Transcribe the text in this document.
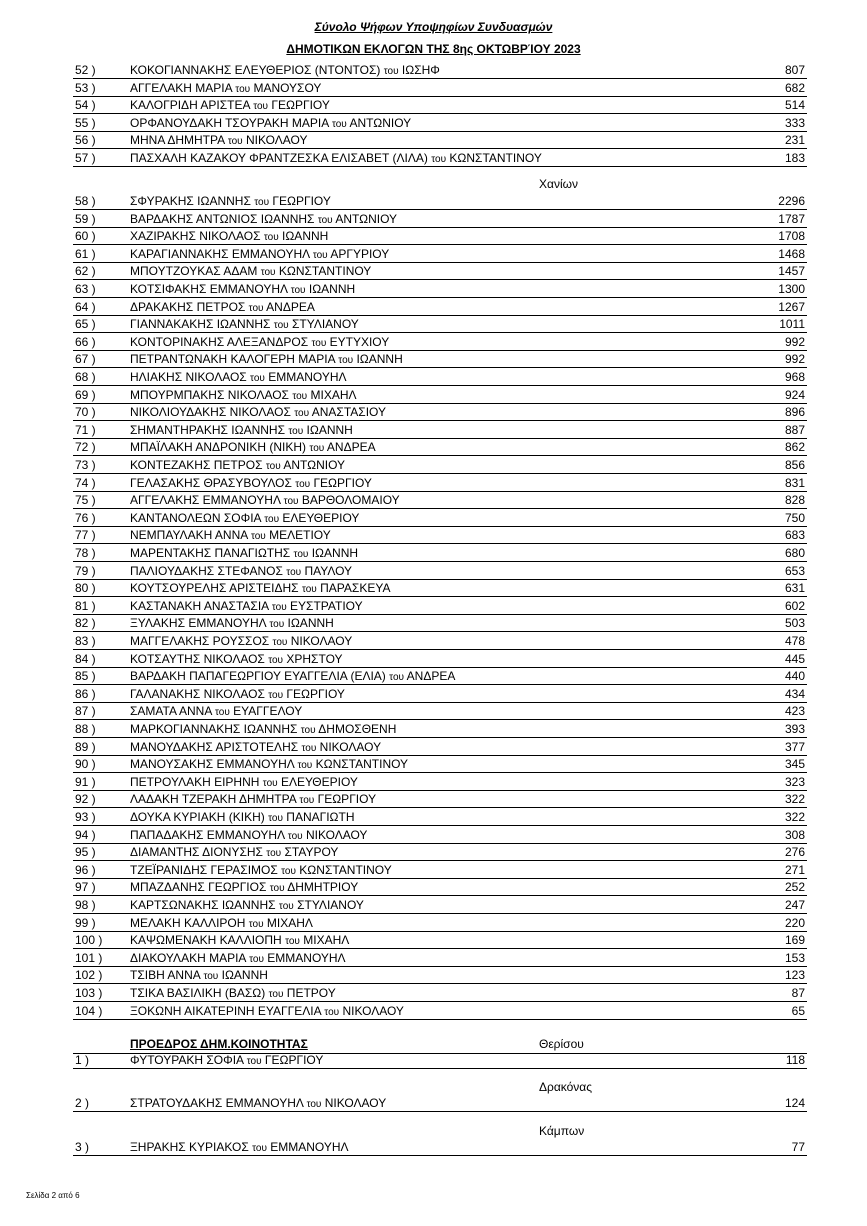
Σύνολο Ψήφων Υποψηφίων Συνδυασμών
ΔΗΜΟΤΙΚΩΝ ΕΚΛΟΓΩΝ ΤΗΣ 8ης ΟΚΤΩΒΡΊΟΥ 2023
52 )	ΚΟΚΟΓΙΑΝΝΑΚΗΣ ΕΛΕΥΘΕΡΙΟΣ (ΝΤΟΝΤΟΣ) του ΙΩΣΗΦ	807
53 )	ΑΓΓΕΛΑΚΗ ΜΑΡΙΑ του ΜΑΝΟΥΣΟΥ	682
54 )	ΚΑΛΟΓΡΙΔΗ ΑΡΙΣΤΕΑ του ΓΕΩΡΓΙΟΥ	514
55 )	ΟΡΦΑΝΟΥΔΑΚΗ ΤΣΟΥΡΑΚΗ ΜΑΡΙΑ του ΑΝΤΩΝΙΟΥ	333
56 )	ΜΗΝΑ ΔΗΜΗΤΡΑ του ΝΙΚΟΛΑΟΥ	231
57 )	ΠΑΣΧΑΛΗ ΚΑΖΑΚΟΥ ΦΡΑΝΤΖΕΣΚΑ ΕΛΙΣΑΒΕΤ (ΛΙΛΑ) του ΚΩΝΣΤΑΝΤΙΝΟΥ	183
Χανίων
58 )	ΣΦΥΡΑΚΗΣ ΙΩΑΝΝΗΣ του ΓΕΩΡΓΙΟΥ	2296
59 )	ΒΑΡΔΑΚΗΣ ΑΝΤΩΝΙΟΣ ΙΩΑΝΝΗΣ του ΑΝΤΩΝΙΟΥ	1787
60 )	ΧΑΖΙΡΑΚΗΣ ΝΙΚΟΛΑΟΣ του ΙΩΑΝΝΗ	1708
61 )	ΚΑΡΑΓΙΑΝΝΑΚΗΣ ΕΜΜΑΝΟΥΗΛ του ΑΡΓΥΡΙΟΥ	1468
62 )	ΜΠΟΥΤΖΟΥΚΑΣ ΑΔΑΜ του ΚΩΝΣΤΑΝΤΙΝΟΥ	1457
63 )	ΚΟΤΣΙΦΑΚΗΣ ΕΜΜΑΝΟΥΗΛ του ΙΩΑΝΝΗ	1300
64 )	ΔΡΑΚΑΚΗΣ ΠΕΤΡΟΣ του ΑΝΔΡΕΑ	1267
65 )	ΓΙΑΝΝΑΚΑΚΗΣ ΙΩΑΝΝΗΣ του ΣΤΥΛΙΑΝΟΥ	1011
66 )	ΚΟΝΤΟΡΙΝΑΚΗΣ ΑΛΕΞΑΝΔΡΟΣ του ΕΥΤΥΧΙΟΥ	992
67 )	ΠΕΤΡΑΝΤΩΝΑΚΗ ΚΑΛΟΓΕΡΗ ΜΑΡΙΑ του ΙΩΑΝΝΗ	992
68 )	ΗΛΙΑΚΗΣ ΝΙΚΟΛΑΟΣ του ΕΜΜΑΝΟΥΗΛ	968
69 )	ΜΠΟΥΡΜΠΑΚΗΣ ΝΙΚΟΛΑΟΣ του ΜΙΧΑΗΛ	924
70 )	ΝΙΚΟΛΙΟΥΔΑΚΗΣ ΝΙΚΟΛΑΟΣ του ΑΝΑΣΤΑΣΙΟΥ	896
71 )	ΣΗΜΑΝΤΗΡΑΚΗΣ ΙΩΑΝΝΗΣ του ΙΩΑΝΝΗ	887
72 )	ΜΠΑΪΛΑΚΗ ΑΝΔΡΟΝΙΚΗ (ΝΙΚΗ) του ΑΝΔΡΕΑ	862
73 )	ΚΟΝΤΕΖΑΚΗΣ ΠΕΤΡΟΣ του ΑΝΤΩΝΙΟΥ	856
74 )	ΓΕΛΑΣΑΚΗΣ ΘΡΑΣΥΒΟΥΛΟΣ του ΓΕΩΡΓΙΟΥ	831
75 )	ΑΓΓΕΛΑΚΗΣ ΕΜΜΑΝΟΥΗΛ του ΒΑΡΘΟΛΟΜΑΙΟΥ	828
76 )	ΚΑΝΤΑΝΟΛΕΩΝ ΣΟΦΙΑ του ΕΛΕΥΘΕΡΙΟΥ	750
77 )	ΝΕΜΠΑΥΛΑΚΗ ΑΝΝΑ του ΜΕΛΕΤΙΟΥ	683
78 )	ΜΑΡΕΝΤΑΚΗΣ ΠΑΝΑΓΙΩΤΗΣ του ΙΩΑΝΝΗ	680
79 )	ΠΑΛΙΟΥΔΑΚΗΣ ΣΤΕΦΑΝΟΣ του ΠΑΥΛΟΥ	653
80 )	ΚΟΥΤΣΟΥΡΕΛΗΣ ΑΡΙΣΤΕΙΔΗΣ του ΠΑΡΑΣΚΕΥΑ	631
81 )	ΚΑΣΤΑΝΑΚΗ ΑΝΑΣΤΑΣΙΑ του ΕΥΣΤΡΑΤΙΟΥ	602
82 )	ΞΥΛΑΚΗΣ ΕΜΜΑΝΟΥΗΛ του ΙΩΑΝΝΗ	503
83 )	ΜΑΓΓΕΛΑΚΗΣ ΡΟΥΣΣΟΣ του ΝΙΚΟΛΑΟΥ	478
84 )	ΚΟΤΣΑΥΤΗΣ ΝΙΚΟΛΑΟΣ του ΧΡΗΣΤΟΥ	445
85 )	ΒΑΡΔΑΚΗ ΠΑΠΑΓΕΩΡΓΙΟΥ ΕΥΑΓΓΕΛΙΑ (ΕΛΙΑ) του ΑΝΔΡΕΑ	440
86 )	ΓΑΛΑΝΑΚΗΣ ΝΙΚΟΛΑΟΣ του ΓΕΩΡΓΙΟΥ	434
87 )	ΣΑΜΑΤΑ ΑΝΝΑ του ΕΥΑΓΓΕΛΟΥ	423
88 )	ΜΑΡΚΟΓΙΑΝΝΑΚΗΣ ΙΩΑΝΝΗΣ του ΔΗΜΟΣΘΕΝΗ	393
89 )	ΜΑΝΟΥΔΑΚΗΣ ΑΡΙΣΤΟΤΕΛΗΣ του ΝΙΚΟΛΑΟΥ	377
90 )	ΜΑΝΟΥΣΑΚΗΣ ΕΜΜΑΝΟΥΗΛ του ΚΩΝΣΤΑΝΤΙΝΟΥ	345
91 )	ΠΕΤΡΟΥΛΑΚΗ ΕΙΡΗΝΗ του ΕΛΕΥΘΕΡΙΟΥ	323
92 )	ΛΑΔΑΚΗ ΤΖΕΡΑΚΗ ΔΗΜΗΤΡΑ του ΓΕΩΡΓΙΟΥ	322
93 )	ΔΟΥΚΑ ΚΥΡΙΑΚΗ (ΚΙΚΗ) του ΠΑΝΑΓΙΩΤΗ	322
94 )	ΠΑΠΑΔΑΚΗΣ ΕΜΜΑΝΟΥΗΛ του ΝΙΚΟΛΑΟΥ	308
95 )	ΔΙΑΜΑΝΤΗΣ ΔΙΟΝΥΣΗΣ του ΣΤΑΥΡΟΥ	276
96 )	ΤΖΕΪΡΑΝΙΔΗΣ ΓΕΡΑΣΙΜΟΣ του ΚΩΝΣΤΑΝΤΙΝΟΥ	271
97 )	ΜΠΑΖΔΑΝΗΣ ΓΕΩΡΓΙΟΣ του ΔΗΜΗΤΡΙΟΥ	252
98 )	ΚΑΡΤΣΩΝΑΚΗΣ ΙΩΑΝΝΗΣ του ΣΤΥΛΙΑΝΟΥ	247
99 )	ΜΕΛΑΚΗ ΚΑΛΛΙΡΟΗ του ΜΙΧΑΗΛ	220
100 ) ΚΑΨΩΜΕΝΑΚΗ ΚΑΛΛΙΟΠΗ του ΜΙΧΑΗΛ	169
101 ) ΔΙΑΚΟΥΛΑΚΗ ΜΑΡΙΑ του ΕΜΜΑΝΟΥΗΛ	153
102 ) ΤΣΙΒΗ ΑΝΝΑ του ΙΩΑΝΝΗ	123
103 ) ΤΣΙΚΑ ΒΑΣΙΛΙΚΗ (ΒΑΣΩ) του ΠΕΤΡΟΥ	87
104 ) ΞΟΚΩΝΗ ΑΙΚΑΤΕΡΙΝΗ ΕΥΑΓΓΕΛΙΑ του ΝΙΚΟΛΑΟΥ	65
ΠΡΟΕΔΡΟΣ ΔΗΜ.ΚΟΙΝΟΤΗΤΑΣ	Θερίσου
1 )	ΦΥΤΟΥΡΑΚΗ ΣΟΦΙΑ του ΓΕΩΡΓΙΟΥ	118
Δρακόνας
2 )	ΣΤΡΑΤΟΥΔΑΚΗΣ ΕΜΜΑΝΟΥΗΛ του ΝΙΚΟΛΑΟΥ	124
Κάμπων
3 )	ΞΗΡΑΚΗΣ ΚΥΡΙΑΚΟΣ του ΕΜΜΑΝΟΥΗΛ	77
Σελίδα 2 από 6
